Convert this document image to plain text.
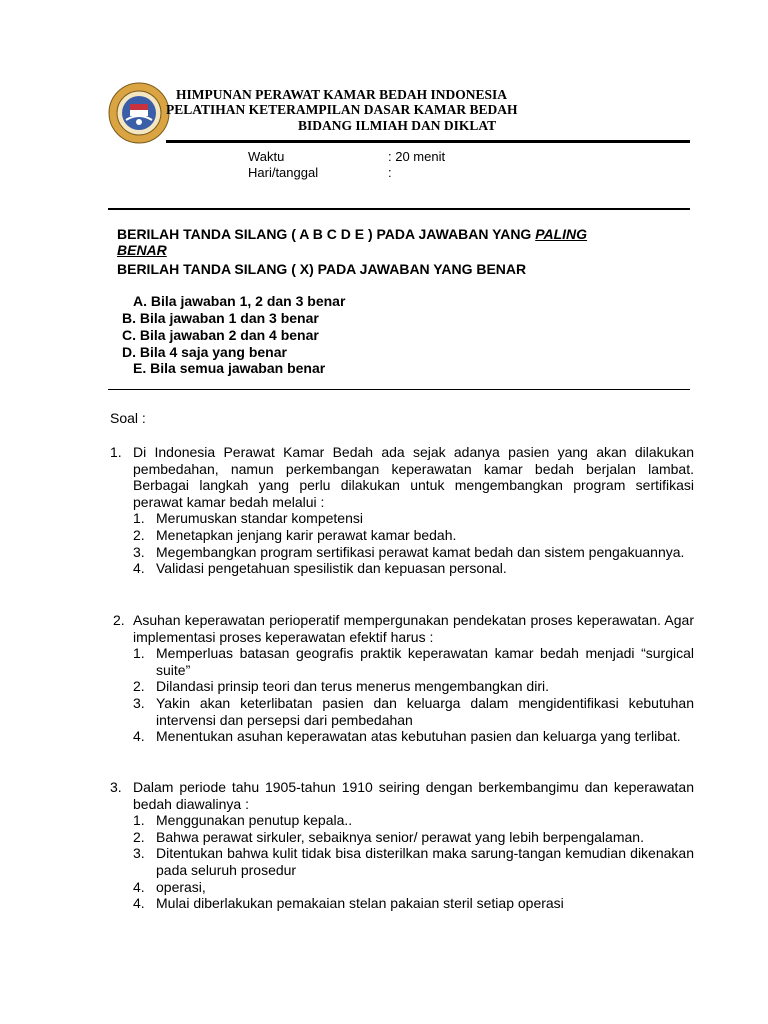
HIMPUNAN PERAWAT KAMAR BEDAH INDONESIA
PELATIHAN KETERAMPILAN DASAR KAMAR BEDAH
BIDANG ILMIAH DAN DIKLAT
Waktu	: 20 menit
Hari/tanggal	:
BERILAH TANDA SILANG ( A B C D E ) PADA JAWABAN YANG PALING
BENAR
BERILAH TANDA SILANG ( X) PADA JAWABAN YANG BENAR
A. Bila jawaban 1, 2 dan 3 benar
B. Bila jawaban 1 dan 3 benar
C. Bila jawaban 2 dan 4 benar
D. Bila 4 saja yang benar
E. Bila semua jawaban benar
Soal :
1. Di Indonesia Perawat Kamar Bedah ada sejak adanya pasien yang akan dilakukan pembedahan, namun perkembangan keperawatan kamar bedah berjalan lambat. Berbagai langkah yang perlu dilakukan untuk mengembangkan program sertifikasi perawat kamar bedah melalui :
1. Merumuskan standar kompetensi
2. Menetapkan jenjang karir perawat kamar bedah.
3. Megembangkan program sertifikasi perawat kamat bedah dan sistem pengakuannya.
4. Validasi pengetahuan spesilistik dan kepuasan personal.
2. Asuhan keperawatan perioperatif mempergunakan pendekatan proses keperawatan. Agar implementasi proses keperawatan efektif harus :
1. Memperluas batasan geografis praktik keperawatan kamar bedah menjadi “surgical suite”
2. Dilandasi prinsip teori dan terus menerus mengembangkan diri.
3. Yakin akan keterlibatan pasien dan keluarga dalam mengidentifikasi kebutuhan intervensi dan persepsi dari pembedahan
4. Menentukan asuhan keperawatan atas kebutuhan pasien dan keluarga yang terlibat.
3. Dalam periode tahu 1905-tahun 1910 seiring dengan berkembangimu dan keperawatan bedah diawalinya :
1. Menggunakan penutup kepala..
2. Bahwa perawat sirkuler, sebaiknya senior/ perawat yang lebih berpengalaman.
3. Ditentukan bahwa kulit tidak bisa disterilkan maka sarung-tangan kemudian dikenakan pada seluruh prosedur
4. operasi,
4. Mulai diberlakukan pemakaian stelan pakaian steril setiap operasi
